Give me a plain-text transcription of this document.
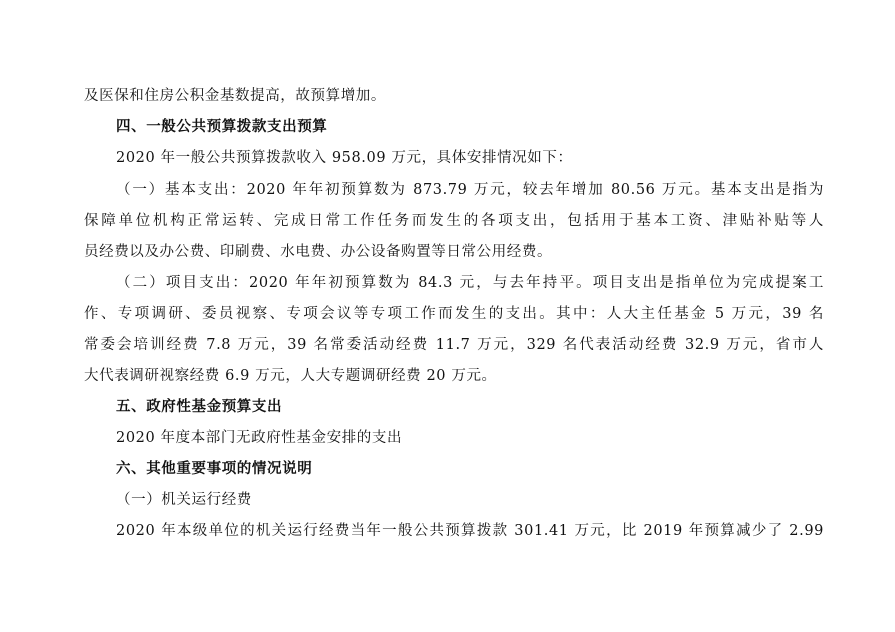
及医保和住房公积金基数提高，故预算增加。
四、一般公共预算拨款支出预算
2020 年一般公共预算拨款收入 958.09 万元，具体安排情况如下：
（一）基本支出：2020 年年初预算数为 873.79 万元，较去年增加 80.56 万元。基本支出是指为
保障单位机构正常运转、完成日常工作任务而发生的各项支出，包括用于基本工资、津贴补贴等人
员经费以及办公费、印刷费、水电费、办公设备购置等日常公用经费。
（二）项目支出：2020 年年初预算数为 84.3 元，与去年持平。项目支出是指单位为完成提案工
作、专项调研、委员视察、专项会议等专项工作而发生的支出。其中：人大主任基金 5 万元，39 名
常委会培训经费 7.8 万元，39 名常委活动经费 11.7 万元，329 名代表活动经费 32.9 万元，省市人
大代表调研视察经费 6.9 万元，人大专题调研经费 20 万元。
五、政府性基金预算支出
2020 年度本部门无政府性基金安排的支出
六、其他重要事项的情况说明
（一）机关运行经费
2020 年本级单位的机关运行经费当年一般公共预算拨款 301.41 万元，比 2019 年预算减少了 2.99
